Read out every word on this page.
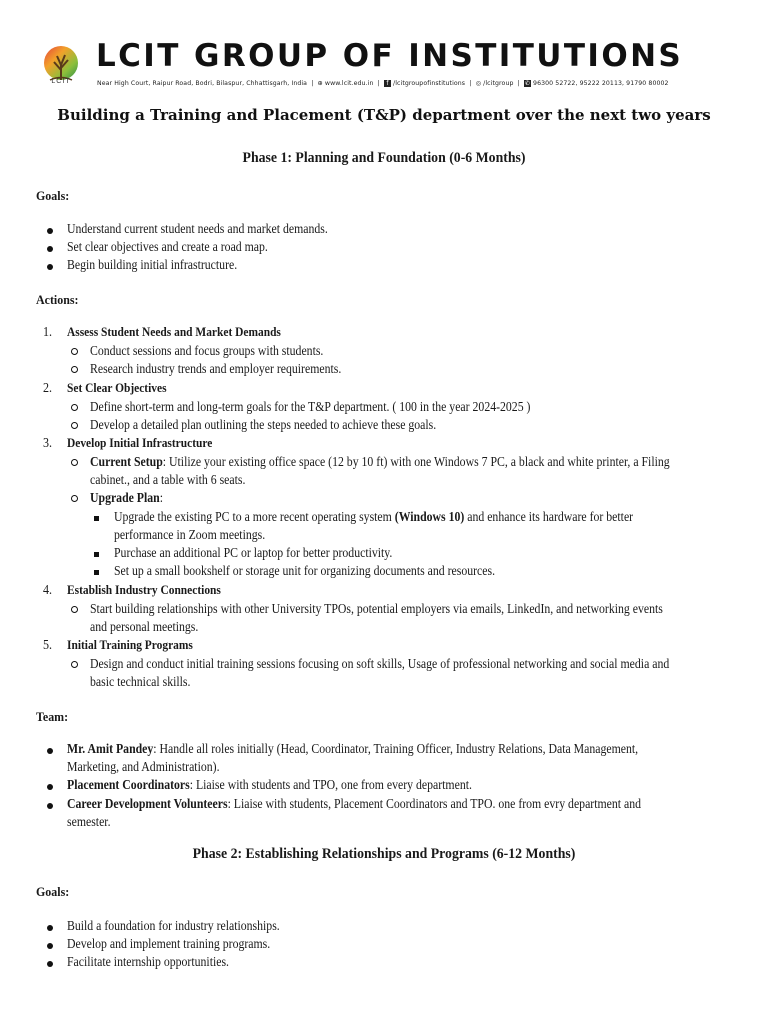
LCIT
LCIT GROUP OF INSTITUTIONS
Near High Court, Raipur Road, Bodri, Bilaspur, Chhattisgarh, India  |  ⊕ www.lcit.edu.in  |  f /lcitgroupofinstitutions  |  ◎ /lcitgroup  |  ✆ 96300 52722, 95222 20113, 91790 80002
Building a Training and Placement (T&P) department over the next two years
Phase 1: Planning and Foundation (0-6 Months)
Goals:
Understand current student needs and market demands.
Set clear objectives and create a road map.
Begin building initial infrastructure.
Actions:
1. Assess Student Needs and Market Demands
Conduct sessions and focus groups with students.
Research industry trends and employer requirements.
2. Set Clear Objectives
Define short-term and long-term goals for the T&P department. ( 100 in the year 2024-2025 )
Develop a detailed plan outlining the steps needed to achieve these goals.
3. Develop Initial Infrastructure
Current Setup: Utilize your existing office space (12 by 10 ft) with one Windows 7 PC, a black and white printer, a Filing
cabinet., and a table with 6 seats.
Upgrade Plan:
Upgrade the existing PC to a more recent operating system (Windows 10) and enhance its hardware for better
performance in Zoom meetings.
Purchase an additional PC or laptop for better productivity.
Set up a small bookshelf or storage unit for organizing documents and resources.
4. Establish Industry Connections
Start building relationships with other University TPOs, potential employers via emails, LinkedIn, and networking events
and personal meetings.
5. Initial Training Programs
Design and conduct initial training sessions focusing on soft skills, Usage of professional networking and social media and
basic technical skills.
Team:
Mr. Amit Pandey: Handle all roles initially (Head, Coordinator, Training Officer, Industry Relations, Data Management,
Marketing, and Administration).
Placement Coordinators: Liaise with students and TPO, one from every department.
Career Development Volunteers: Liaise with students, Placement Coordinators and TPO. one from evry department and
semester.
Phase 2: Establishing Relationships and Programs (6-12 Months)
Goals:
Build a foundation for industry relationships.
Develop and implement training programs.
Facilitate internship opportunities.
